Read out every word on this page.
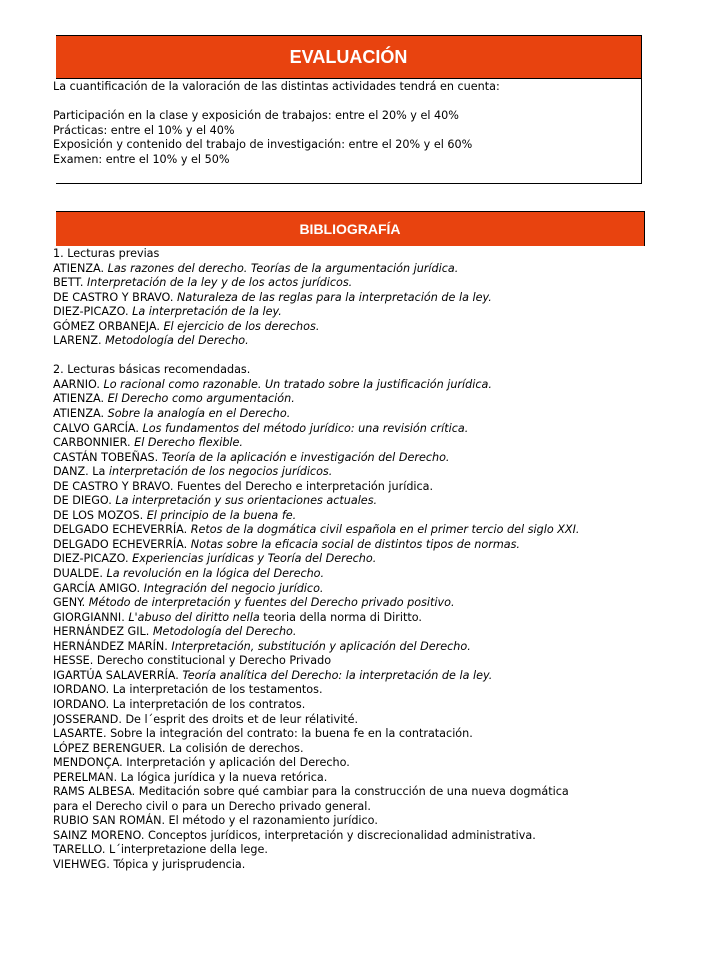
EVALUACIÓN
La cuantificación de la valoración de las distintas actividades tendrá en cuenta:
Participación en la clase y exposición de trabajos: entre el 20% y el 40%
Prácticas: entre el 10% y el 40%
Exposición y contenido del trabajo de investigación: entre el 20% y el 60%
Examen: entre el 10% y el 50%
BIBLIOGRAFÍA
1. Lecturas previas
ATIENZA. Las razones del derecho. Teorías de la argumentación jurídica.
BETT. Interpretación de la ley y de los actos jurídicos.
DE CASTRO Y BRAVO. Naturaleza de las reglas para la interpretación de la ley.
DIEZ-PICAZO. La interpretación de la ley.
GÓMEZ ORBANEJA. El ejercicio de los derechos.
LARENZ. Metodología del Derecho.
2. Lecturas básicas recomendadas.
AARNIO. Lo racional como razonable. Un tratado sobre la justificación jurídica.
ATIENZA. El Derecho como argumentación.
ATIENZA. Sobre la analogía en el Derecho.
CALVO GARCÍA. Los fundamentos del método jurídico: una revisión crítica.
CARBONNIER. El Derecho flexible.
CASTÁN TOBEÑAS. Teoría de la aplicación e investigación del Derecho.
DANZ. La interpretación de los negocios jurídicos.
DE CASTRO Y BRAVO. Fuentes del Derecho e interpretación jurídica.
DE DIEGO. La interpretación y sus orientaciones actuales.
DE LOS MOZOS. El principio de la buena fe.
DELGADO ECHEVERRÍA. Retos de la dogmática civil española en el primer tercio del siglo XXI.
DELGADO ECHEVERRÍA. Notas sobre la eficacia social de distintos tipos de normas.
DIEZ-PICAZO. Experiencias jurídicas y Teoría del Derecho.
DUALDE. La revolución en la lógica del Derecho.
GARCÍA AMIGO. Integración del negocio jurídico.
GENY. Método de interpretación y fuentes del Derecho privado positivo.
GIORGIANNI. L'abuso del diritto nella teoria della norma di Diritto.
HERNÁNDEZ GIL. Metodología del Derecho.
HERNÁNDEZ MARÍN. Interpretación, substitución y aplicación del Derecho.
HESSE. Derecho constitucional y Derecho Privado
IGARTÚA SALAVERRÍA. Teoría analítica del Derecho: la interpretación de la ley.
IORDANO. La interpretación de los testamentos.
IORDANO. La interpretación de los contratos.
JOSSERAND. De l´esprit des droits et de leur rélativité.
LASARTE. Sobre la integración del contrato: la buena fe en la contratación.
LÓPEZ BERENGUER. La colisión de derechos.
MENDONÇA. Interpretación y aplicación del Derecho.
PERELMAN. La lógica jurídica y la nueva retórica.
RAMS ALBESA. Meditación sobre qué cambiar para la construcción de una nueva dogmática
para el Derecho civil o para un Derecho privado general.
RUBIO SAN ROMÁN. El método y el razonamiento jurídico.
SAINZ MORENO. Conceptos jurídicos, interpretación y discrecionalidad administrativa.
TARELLO. L´interpretazione della lege.
VIEHWEG. Tópica y jurisprudencia.
